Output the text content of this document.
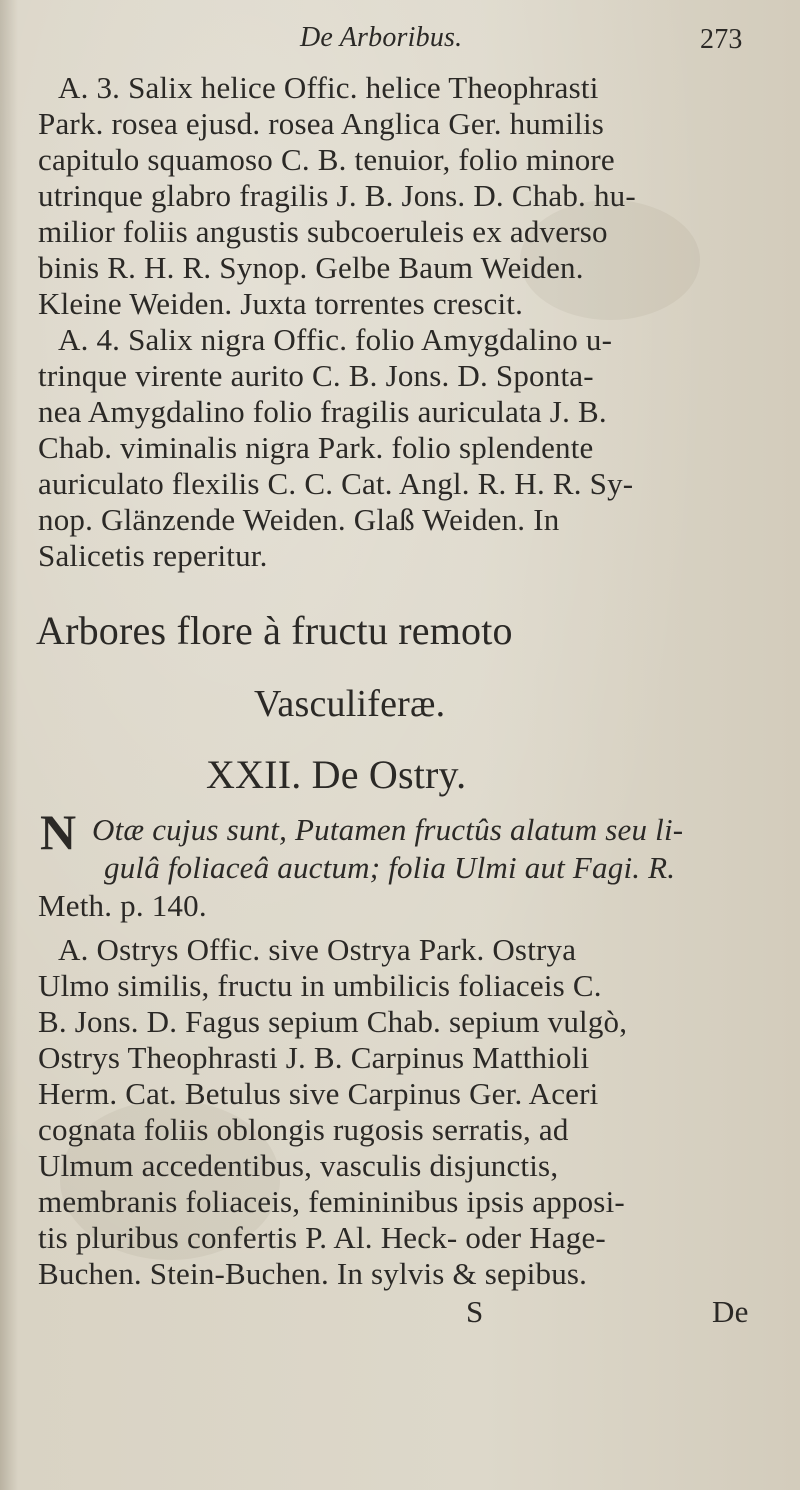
De Arboribus.	273
A. 3. Salix helice Offic. helice Theophrasti
Park. rosea ejusd. rosea Anglica Ger. humilis
capitulo squamoso C. B. tenuior, folio minore
utrinque glabro fragilis J. B. Jons. D. Chab. hu-
milior foliis angustis subcoeruleis ex adverso
binis R. H. R. Synop. Gelbe Baum Weiden.
Kleine Weiden. Juxta torrentes crescit.
A. 4. Salix nigra Offic. folio Amygdalino u-
trinque virente aurito C. B. Jons. D. Sponta-
nea Amygdalino folio fragilis auriculata J. B.
Chab. viminalis nigra Park. folio splendente
auriculato flexilis C. C. Cat. Angl. R. H. R. Sy-
nop. Glänzende Weiden. Glaß Weiden. In
Salicetis reperitur.
Arbores flore à fructu remoto
Vasculiferæ.
XXII. De Ostry.
N Otæ cujus sunt, Putamen fructûs alatum seu li-
gulâ foliaceâ auctum; folia Ulmi aut Fagi. R.
Meth. p. 140.
A. Ostrys Offic. sive Ostrya Park. Ostrya
Ulmo similis, fructu in umbilicis foliaceis C.
B. Jons. D. Fagus sepium Chab. sepium vulgò,
Ostrys Theophrasti J. B. Carpinus Matthioli
Herm. Cat. Betulus sive Carpinus Ger. Aceri
cognata foliis oblongis rugosis serratis, ad
Ulmum accedentibus, vasculis disjunctis,
membranis foliaceis, femininibus ipsis apposi-
tis pluribus confertis P. Al. Heck- oder Hage-
Buchen. Stein-Buchen. In sylvis & sepibus.
S	De
